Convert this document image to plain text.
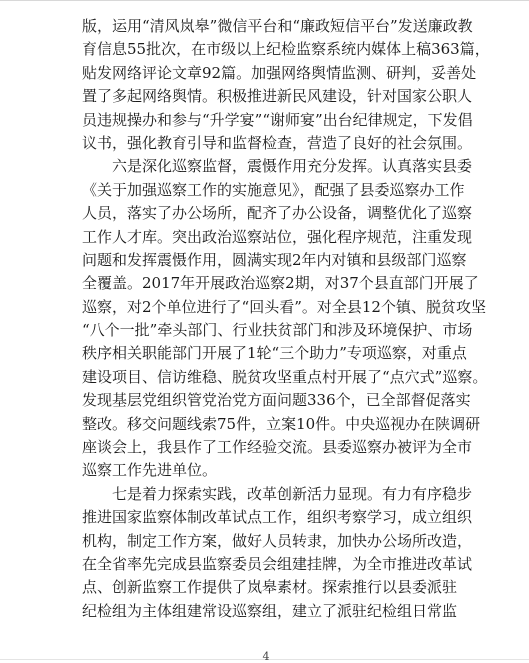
版，运用“清风岚皋”微信平台和“廉政短信平台”发送廉政教
育信息55批次，在市级以上纪检监察系统内媒体上稿363篇，
贴发网络评论文章92篇。加强网络舆情监测、研判，妥善处
置了多起网络舆情。积极推进新民风建设，针对国家公职人
员违规操办和参与“升学宴”“谢师宴”出台纪律规定，下发倡
议书，强化教育引导和监督检查，营造了良好的社会氛围。
六是深化巡察监督，震慑作用充分发挥。认真落实县委
《关于加强巡察工作的实施意见》，配强了县委巡察办工作
人员，落实了办公场所，配齐了办公设备，调整优化了巡察
工作人才库。突出政治巡察站位，强化程序规范，注重发现
问题和发挥震慑作用，圆满实现2年内对镇和县级部门巡察
全覆盖。2017年开展政治巡察2期，对37个县直部门开展了
巡察，对2个单位进行了“回头看”。对全县12个镇、脱贫攻坚
“八个一批”牵头部门、行业扶贫部门和涉及环境保护、市场
秩序相关职能部门开展了1轮“三个助力”专项巡察，对重点
建设项目、信访维稳、脱贫攻坚重点村开展了“点穴式”巡察。
发现基层党组织管党治党方面问题336个，已全部督促落实
整改。移交问题线索75件，立案10件。中央巡视办在陕调研
座谈会上，我县作了工作经验交流。县委巡察办被评为全市
巡察工作先进单位。
七是着力探索实践，改革创新活力显现。有力有序稳步
推进国家监察体制改革试点工作，组织考察学习，成立组织
机构，制定工作方案，做好人员转隶，加快办公场所改造，
在全省率先完成县监察委员会组建挂牌，为全市推进改革试
点、创新监察工作提供了岚皋素材。探索推行以县委派驻
纪检组为主体组建常设巡察组，建立了派驻纪检组日常监
4
